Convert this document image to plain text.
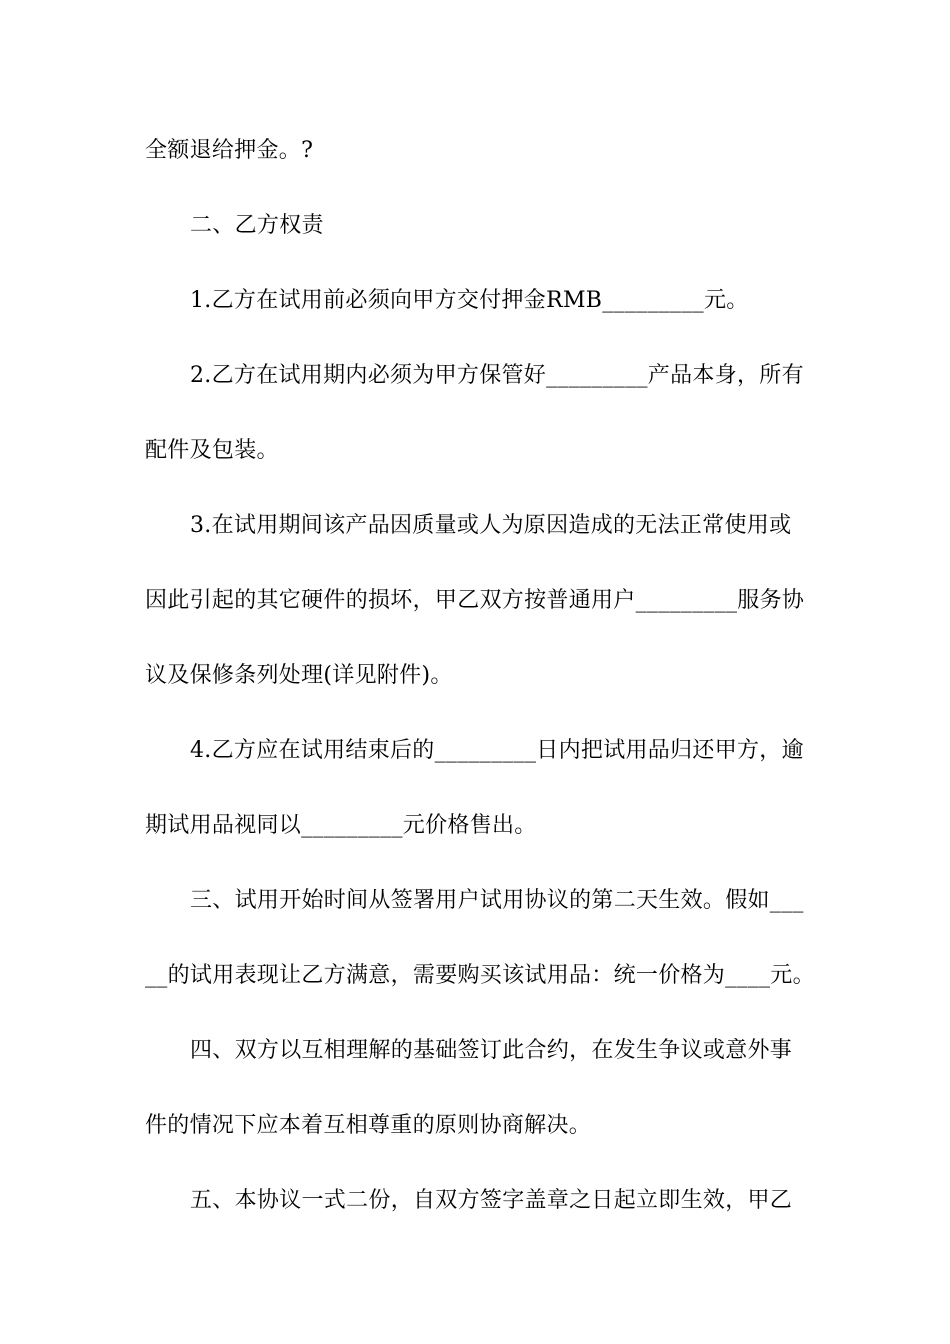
全额退给押金。?
二、乙方权责
1.乙方在试用前必须向甲方交付押金RMB_________元。
2.乙方在试用期内必须为甲方保管好_________产品本身，所有
配件及包装。
3.在试用期间该产品因质量或人为原因造成的无法正常使用或
因此引起的其它硬件的损坏，甲乙双方按普通用户_________服务协
议及保修条列处理(详见附件)。
4.乙方应在试用结束后的_________日内把试用品归还甲方，逾
期试用品视同以_________元价格售出。
三、试用开始时间从签署用户试用协议的第二天生效。假如___
__的试用表现让乙方满意，需要购买该试用品：统一价格为____元。
四、双方以互相理解的基础签订此合约，在发生争议或意外事
件的情况下应本着互相尊重的原则协商解决。
五、本协议一式二份，自双方签字盖章之日起立即生效，甲乙
